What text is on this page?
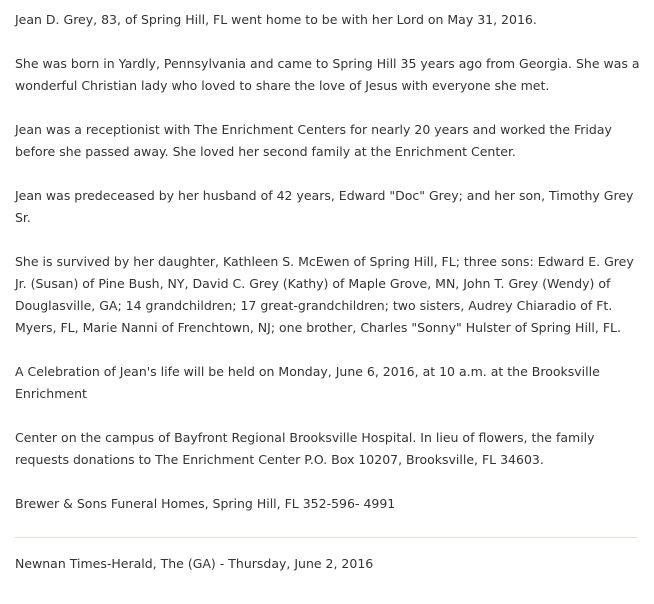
Jean D. Grey, 83, of Spring Hill, FL went home to be with her Lord on May 31, 2016.

She was born in Yardly, Pennsylvania and came to Spring Hill 35 years ago from Georgia. She was a wonderful Christian lady who loved to share the love of Jesus with everyone she met.

Jean was a receptionist with The Enrichment Centers for nearly 20 years and worked the Friday before she passed away. She loved her second family at the Enrichment Center.

Jean was predeceased by her husband of 42 years, Edward "Doc" Grey; and her son, Timothy Grey Sr.

She is survived by her daughter, Kathleen S. McEwen of Spring Hill, FL; three sons: Edward E. Grey Jr. (Susan) of Pine Bush, NY, David C. Grey (Kathy) of Maple Grove, MN, John T. Grey (Wendy) of Douglasville, GA; 14 grandchildren; 17 great-grandchildren; two sisters, Audrey Chiaradio of Ft. Myers, FL, Marie Nanni of Frenchtown, NJ; one brother, Charles "Sonny" Hulster of Spring Hill, FL.

A Celebration of Jean's life will be held on Monday, June 6, 2016, at 10 a.m. at the Brooksville Enrichment

Center on the campus of Bayfront Regional Brooksville Hospital. In lieu of flowers, the family requests donations to The Enrichment Center P.O. Box 10207, Brooksville, FL 34603.

Brewer & Sons Funeral Homes, Spring Hill, FL 352-596- 4991

Newnan Times-Herald, The (GA) - Thursday, June 2, 2016
